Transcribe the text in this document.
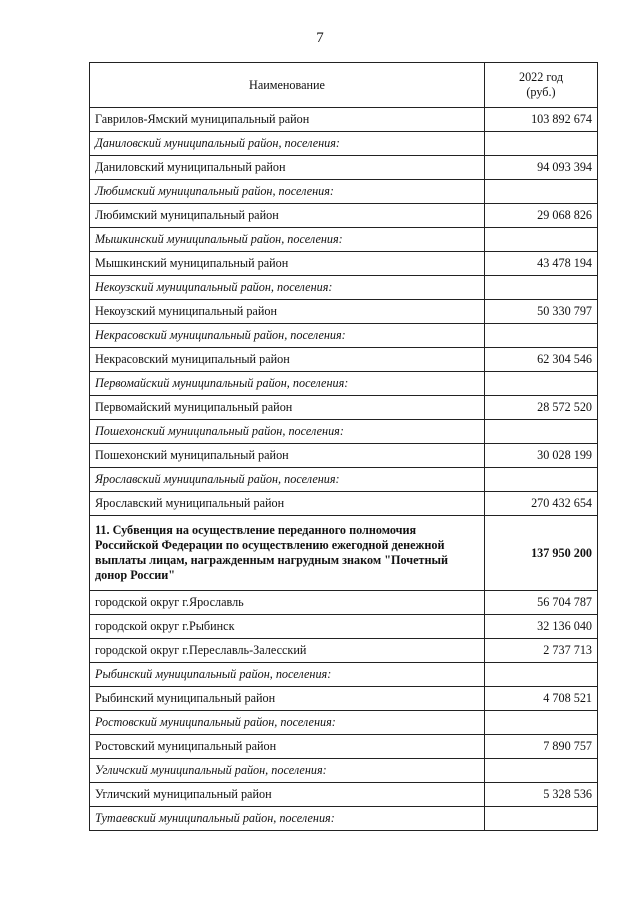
7
Наименование	2022 год
(руб.)
Гаврилов-Ямский муниципальный район	103 892 674
Даниловский муниципальный район, поселения:	
Даниловский муниципальный район	94 093 394
Любимский муниципальный район, поселения:	
Любимский муниципальный район	29 068 826
Мышкинский муниципальный район, поселения:	
Мышкинский муниципальный район	43 478 194
Некоузский муниципальный район, поселения:	
Некоузский муниципальный район	50 330 797
Некрасовский муниципальный район, поселения:	
Некрасовский муниципальный район	62 304 546
Первомайский муниципальный район, поселения:	
Первомайский муниципальный район	28 572 520
Пошехонский муниципальный район, поселения:	
Пошехонский муниципальный район	30 028 199
Ярославский муниципальный район, поселения:	
Ярославский муниципальный район	270 432 654
11. Субвенция на осуществление переданного полномочия Российской Федерации по осуществлению ежегодной денежной выплаты лицам, награжденным нагрудным знаком "Почетный донор России"	137 950 200
городской округ г.Ярославль	56 704 787
городской округ г.Рыбинск	32 136 040
городской округ г.Переславль-Залесский	2 737 713
Рыбинский муниципальный район, поселения:	
Рыбинский муниципальный район	4 708 521
Ростовский муниципальный район, поселения:	
Ростовский муниципальный район	7 890 757
Угличский муниципальный район, поселения:	
Угличский муниципальный район	5 328 536
Тутаевский муниципальный район, поселения:	
